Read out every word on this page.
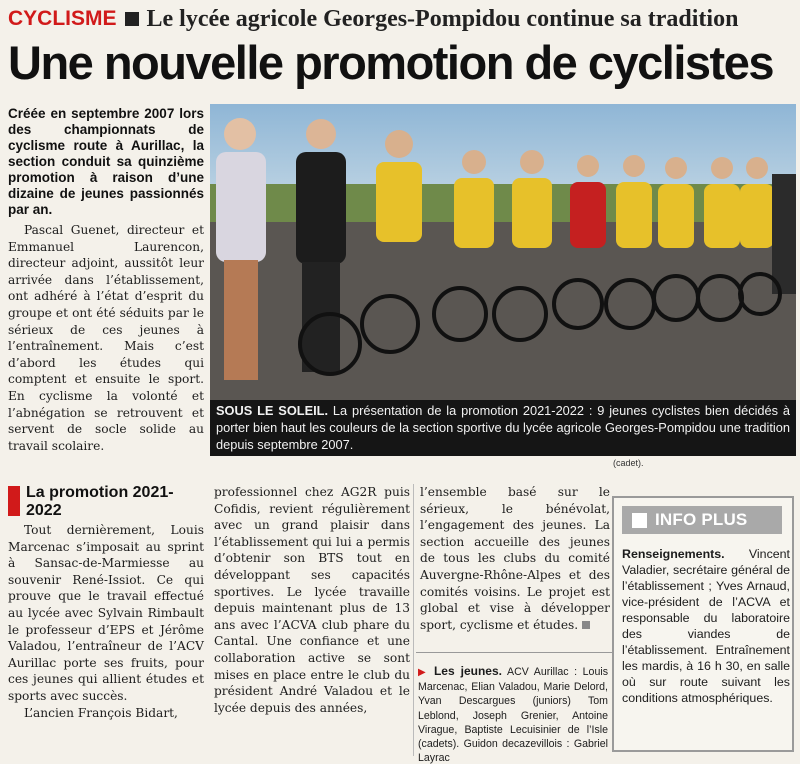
CYCLISME Le lycée agricole Georges-Pompidou continue sa tradition
Une nouvelle promotion de cyclistes
Créée en septembre 2007 lors des championnats de cyclisme route à Aurillac, la section conduit sa quinzième promotion à raison d’une dizaine de jeunes passionnés par an.

Pascal Guenet, directeur et Emmanuel Laurencon, directeur adjoint, aussitôt leur arrivée dans l’établissement, ont adhéré à l’état d’esprit du groupe et ont été séduits par le sérieux de ces jeunes à l’entraînement. Mais c’est d’abord les études qui comptent et ensuite le sport. En cyclisme la volonté et l’abnégation se retrouvent et servent de socle solide au travail scolaire.

SOUS LE SOLEIL. La présentation de la promotion 2021-2022 : 9 jeunes cyclistes bien décidés à porter bien haut les couleurs de la section sportive du lycée agricole Georges-Pompidou une tradition depuis septembre 2007.
(cadet).
La promotion 2021-2022

Tout dernièrement, Louis Marcenac s’imposait au sprint à Sansac-de-Marmiesse au souvenir René-Issiot. Ce qui prouve que le travail effectué au lycée avec Sylvain Rimbault le professeur d’EPS et Jérôme Valadou, l’entraîneur de l’ACV Aurillac porte ses fruits, pour ces jeunes qui allient études et sports avec succès.

L’ancien François Bidart,

professionnel chez AG2R puis Cofidis, revient régulièrement avec un grand plaisir dans l’établissement qui lui a permis d’obtenir son BTS tout en développant ses capacités sportives. Le lycée travaille depuis maintenant plus de 13 ans avec l’ACVA club phare du Cantal. Une confiance et une collaboration active se sont mises en place entre le club du président André Valadou et le lycée depuis des années,

l’ensemble basé sur le sérieux, le bénévolat, l’engagement des jeunes. La section accueille des jeunes de tous les clubs du comité Auvergne-Rhône-Alpes et des comités voisins. Le projet est global et vise à développer sport, cyclisme et études.

▶ Les jeunes. ACV Aurillac : Louis Marcenac, Elian Valadou, Marie Delord, Yvan Descargues (juniors) Tom Leblond, Joseph Grenier, Antoine Virague, Baptiste Lecuisinier de l’Isle (cadets). Guidon decazevillois : Gabriel Layrac
INFO PLUS
Renseignements. Vincent Valadier, secrétaire général de l’établissement ; Yves Arnaud, vice-président de l’ACVA et responsable du laboratoire des viandes de l’établissement. Entraînement les mardis, à 16 h 30, en salle où sur route suivant les conditions atmosphériques.
